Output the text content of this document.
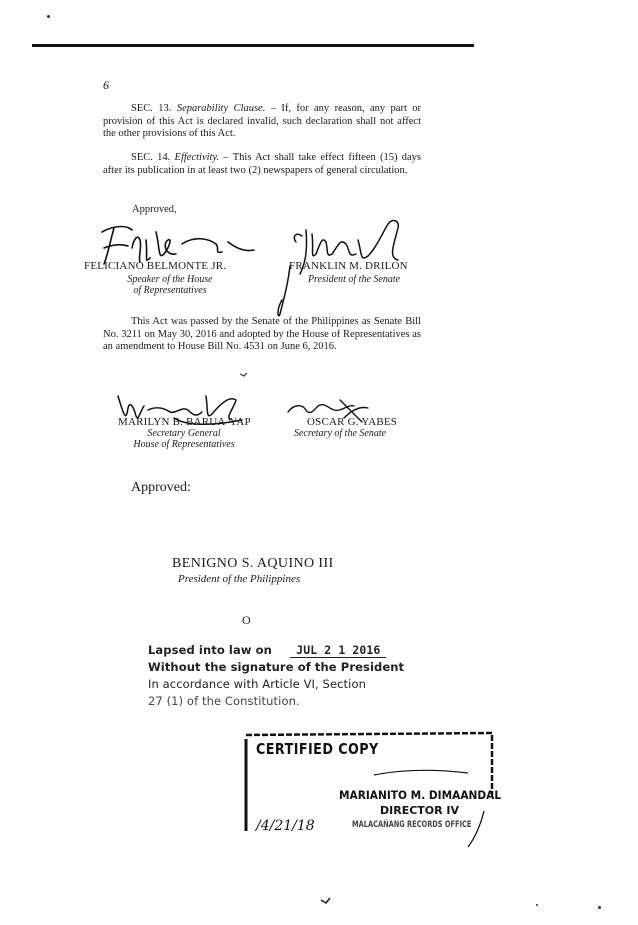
6
SEC. 13. Separability Clause. – If, for any reason, any part or provision of this Act is declared invalid, such declaration shall not affect the other provisions of this Act.
SEC. 14. Effectivity. – This Act shall take effect fifteen (15) days after its publication in at least two (2) newspapers of general circulation.
Approved,
FELICIANO BELMONTE JR.
Speaker of the House
of Representatives
FRANKLIN M. DRILON
President of the Senate
This Act was passed by the Senate of the Philippines as Senate Bill No. 3211 on May 30, 2016 and adopted by the House of Representatives as an amendment to House Bill No. 4531 on June 6, 2016.
MARILYN B. BARUA-YAP
Secretary General
House of Representatives
OSCAR G. YABES
Secretary of the Senate
Approved:
BENIGNO S. AQUINO III
President of the Philippines
O
Lapsed into law on JUL 2 1 2016
Without the signature of the President
In accordance with Article VI, Section
27 (1) of the Constitution.
CERTIFIED COPY
MARIANITO M. DIMAANDAL
DIRECTOR IV
MALACAÑANG RECORDS OFFICE
/4/21/18
